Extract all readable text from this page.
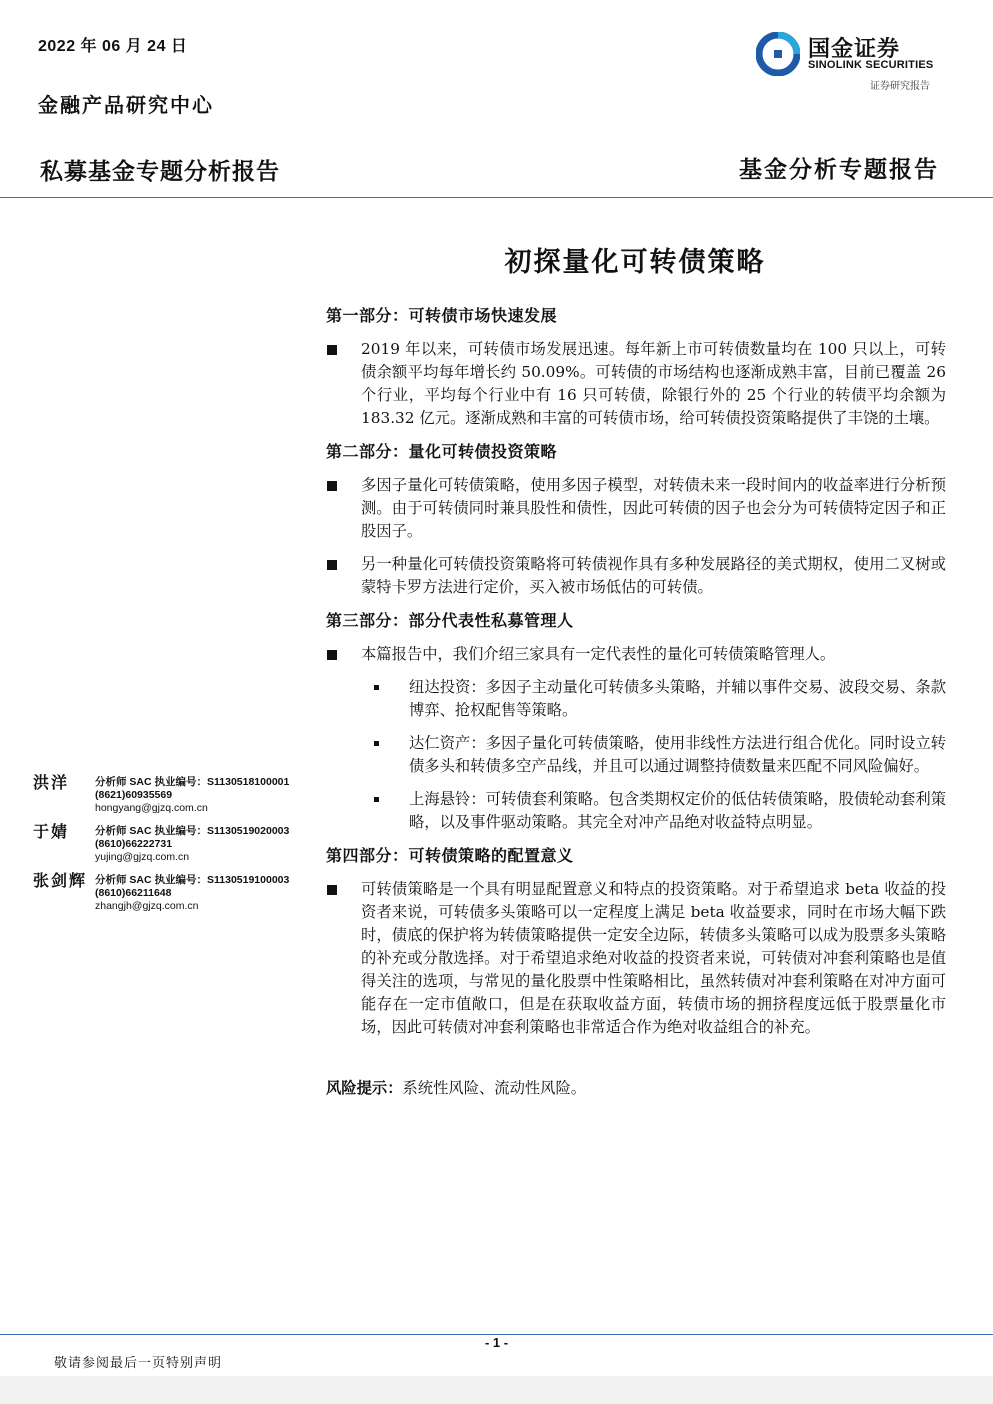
2022 年 06 月 24 日
金融产品研究中心
国金证券
SINOLINK SECURITIES
证券研究报告
私募基金专题分析报告	基金分析专题报告
初探量化可转债策略
第一部分：可转债市场快速发展
2019 年以来，可转债市场发展迅速。每年新上市可转债数量均在 100 只以上，可转债余额平均每年增长约 50.09%。可转债的市场结构也逐渐成熟丰富，目前已覆盖 26 个行业，平均每个行业中有 16 只可转债，除银行外的 25 个行业的转债平均余额为 183.32 亿元。逐渐成熟和丰富的可转债市场，给可转债投资策略提供了丰饶的土壤。
第二部分：量化可转债投资策略
多因子量化可转债策略，使用多因子模型，对转债未来一段时间内的收益率进行分析预测。由于可转债同时兼具股性和债性，因此可转债的因子也会分为可转债特定因子和正股因子。
另一种量化可转债投资策略将可转债视作具有多种发展路径的美式期权，使用二叉树或蒙特卡罗方法进行定价，买入被市场低估的可转债。
第三部分：部分代表性私募管理人
本篇报告中，我们介绍三家具有一定代表性的量化可转债策略管理人。
纽达投资：多因子主动量化可转债多头策略，并辅以事件交易、波段交易、条款博弈、抢权配售等策略。
达仁资产：多因子量化可转债策略，使用非线性方法进行组合优化。同时设立转债多头和转债多空产品线，并且可以通过调整持债数量来匹配不同风险偏好。
上海悬铃：可转债套利策略。包含类期权定价的低估转债策略，股债轮动套利策略，以及事件驱动策略。其完全对冲产品绝对收益特点明显。
第四部分：可转债策略的配置意义
可转债策略是一个具有明显配置意义和特点的投资策略。对于希望追求 beta 收益的投资者来说，可转债多头策略可以一定程度上满足 beta 收益要求，同时在市场大幅下跌时，债底的保护将为转债策略提供一定安全边际，转债多头策略可以成为股票多头策略的补充或分散选择。对于希望追求绝对收益的投资者来说，可转债对冲套利策略也是值得关注的选项，与常见的量化股票中性策略相比，虽然转债对冲套利策略在对冲方面可能存在一定市值敞口，但是在获取收益方面，转债市场的拥挤程度远低于股票量化市场，因此可转债对冲套利策略也非常适合作为绝对收益组合的补充。
风险提示：系统性风险、流动性风险。
洪洋 分析师 SAC 执业编号：S1130518100001
(8621)60935569
hongyang@gjzq.com.cn
于婧 分析师 SAC 执业编号：S1130519020003
(8610)66222731
yujing@gjzq.com.cn
张剑辉 分析师 SAC 执业编号：S1130519100003
(8610)66211648
zhangjh@gjzq.com.cn
- 1 -
敬请参阅最后一页特别声明
